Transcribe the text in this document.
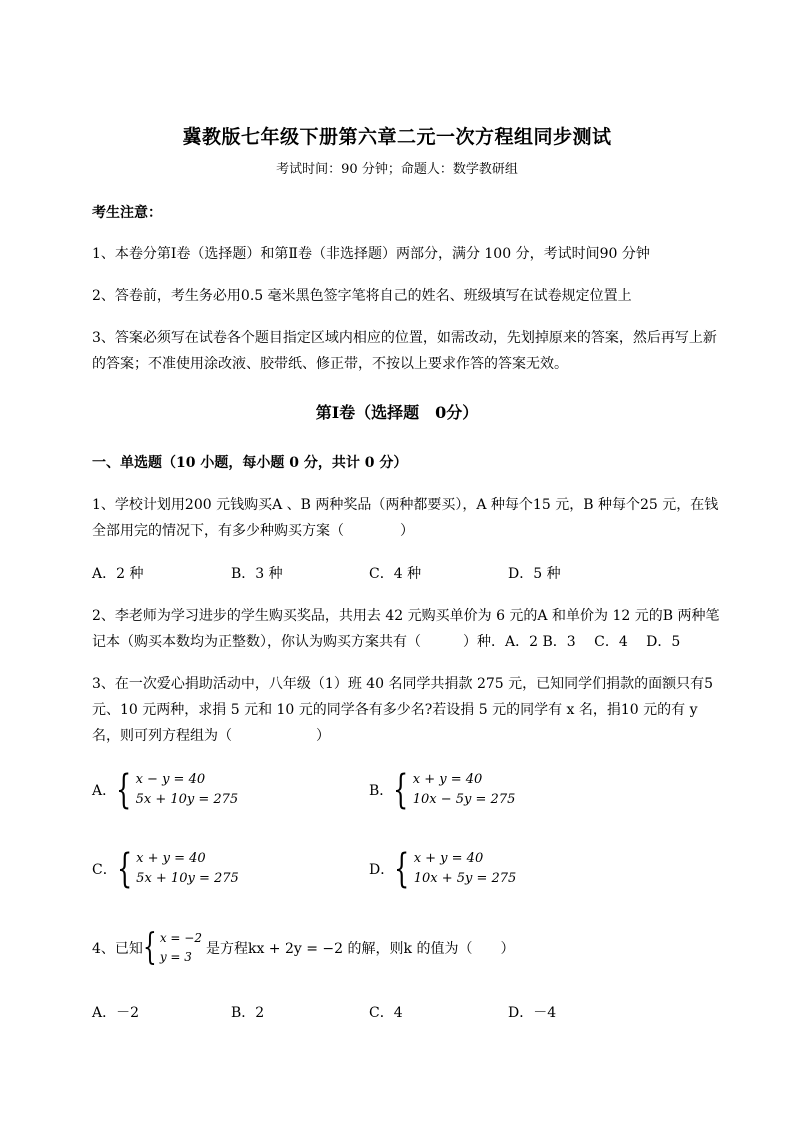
冀教版七年级下册第六章二元一次方程组同步测试
考试时间：90 分钟；命题人：数学教研组
考生注意：
1、本卷分第Ⅰ卷（选择题）和第Ⅱ卷（非选择题）两部分，满分 100 分，考试时间90 分钟
2、答卷前，考生务必用0.5 毫米黑色签字笔将自己的姓名、班级填写在试卷规定位置上
3、答案必须写在试卷各个题目指定区域内相应的位置，如需改动，先划掉原来的答案，然后再写上新
的答案；不准使用涂改液、胶带纸、修正带，不按以上要求作答的答案无效。
第Ⅰ卷（选择题　0分）
一、单选题（10 小题，每小题 0 分，共计 0 分）
1、学校计划用200 元钱购买A 、B 两种奖品（两种都要买），A 种每个15 元，B 种每个25 元，在钱
全部用完的情况下，有多少种购买方案（　　　　）
A．2 种	B．3 种	C．4 种	D．5 种
2、李老师为学习进步的学生购买奖品，共用去 42 元购买单价为 6 元的A 和单价为 12 元的B 两种笔
记本（购买本数均为正整数），你认为购买方案共有（　　　）种．A．2 B．3　 C．4　 D．5
3、在一次爱心捐助活动中，八年级（1）班 40 名同学共捐款 275 元，已知同学们捐款的面额只有5
元、10 元两种，求捐 5 元和 10 元的同学各有多少名?若设捐 5 元的同学有 x 名，捐10 元的有 y
名，则可列方程组为（　　　　　　）
A． { x − y = 40
5x + 10y = 275
B． { x + y = 40
10x − 5y = 275
C． { x + y = 40
5x + 10y = 275
D． { x + y = 40
10x + 5y = 275
4、已知 { x = −2
y = 3	是方程kx + 2y = −2 的解，则k 的值为（　　）
A．－2	B．2	C．4	D．－4
